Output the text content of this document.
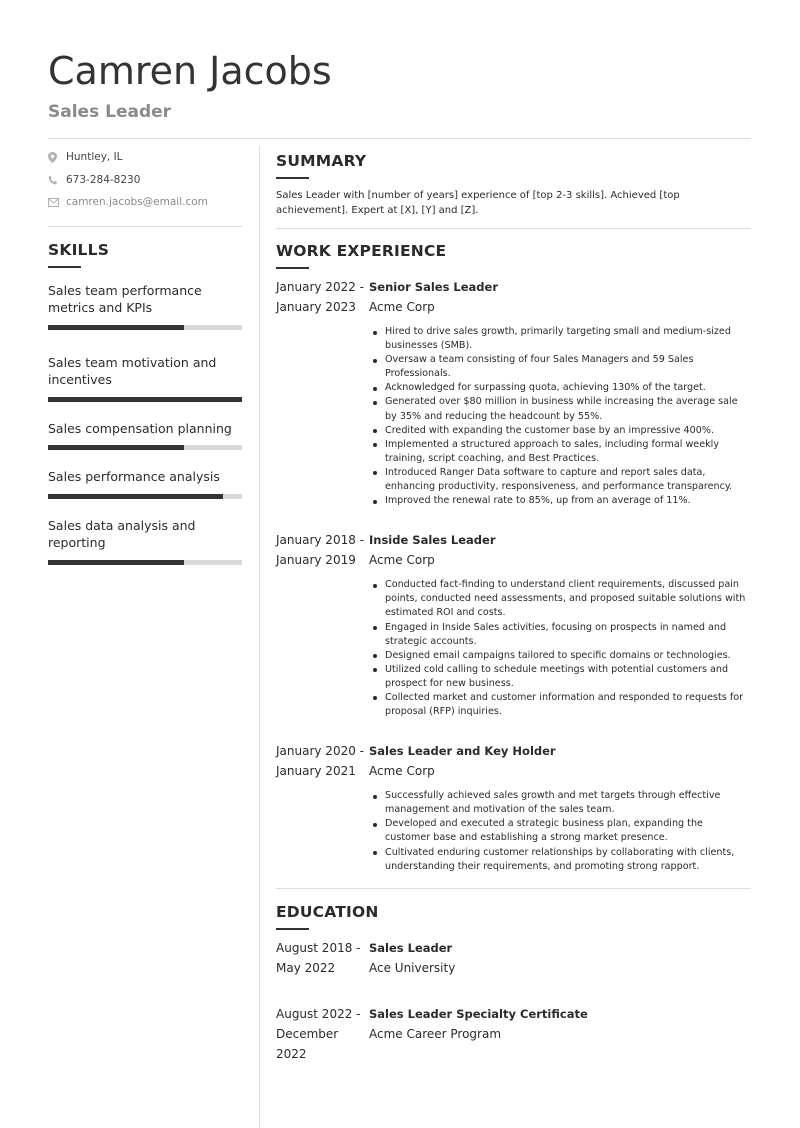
Camren Jacobs
Sales Leader
Huntley, IL
673-284-8230
camren.jacobs@email.com
SKILLS
Sales team performance metrics and KPIs
Sales team motivation and incentives
Sales compensation planning
Sales performance analysis
Sales data analysis and reporting
SUMMARY
Sales Leader with [number of years] experience of [top 2-3 skills]. Achieved [top achievement]. Expert at [X], [Y] and [Z].
WORK EXPERIENCE
January 2022 -
January 2023
Senior Sales Leader
Acme Corp
Hired to drive sales growth, primarily targeting small and medium-sized businesses (SMB).
Oversaw a team consisting of four Sales Managers and 59 Sales Professionals.
Acknowledged for surpassing quota, achieving 130% of the target.
Generated over $80 million in business while increasing the average sale by 35% and reducing the headcount by 55%.
Credited with expanding the customer base by an impressive 400%.
Implemented a structured approach to sales, including formal weekly training, script coaching, and Best Practices.
Introduced Ranger Data software to capture and report sales data, enhancing productivity, responsiveness, and performance transparency.
Improved the renewal rate to 85%, up from an average of 11%.
January 2018 -
January 2019
Inside Sales Leader
Acme Corp
Conducted fact-finding to understand client requirements, discussed pain points, conducted need assessments, and proposed suitable solutions with estimated ROI and costs.
Engaged in Inside Sales activities, focusing on prospects in named and strategic accounts.
Designed email campaigns tailored to specific domains or technologies.
Utilized cold calling to schedule meetings with potential customers and prospect for new business.
Collected market and customer information and responded to requests for proposal (RFP) inquiries.
January 2020 -
January 2021
Sales Leader and Key Holder
Acme Corp
Successfully achieved sales growth and met targets through effective management and motivation of the sales team.
Developed and executed a strategic business plan, expanding the customer base and establishing a strong market presence.
Cultivated enduring customer relationships by collaborating with clients, understanding their requirements, and promoting strong rapport.
EDUCATION
August 2018 -
May 2022
Sales Leader
Ace University
August 2022 -
December 2022
Sales Leader Specialty Certificate
Acme Career Program
